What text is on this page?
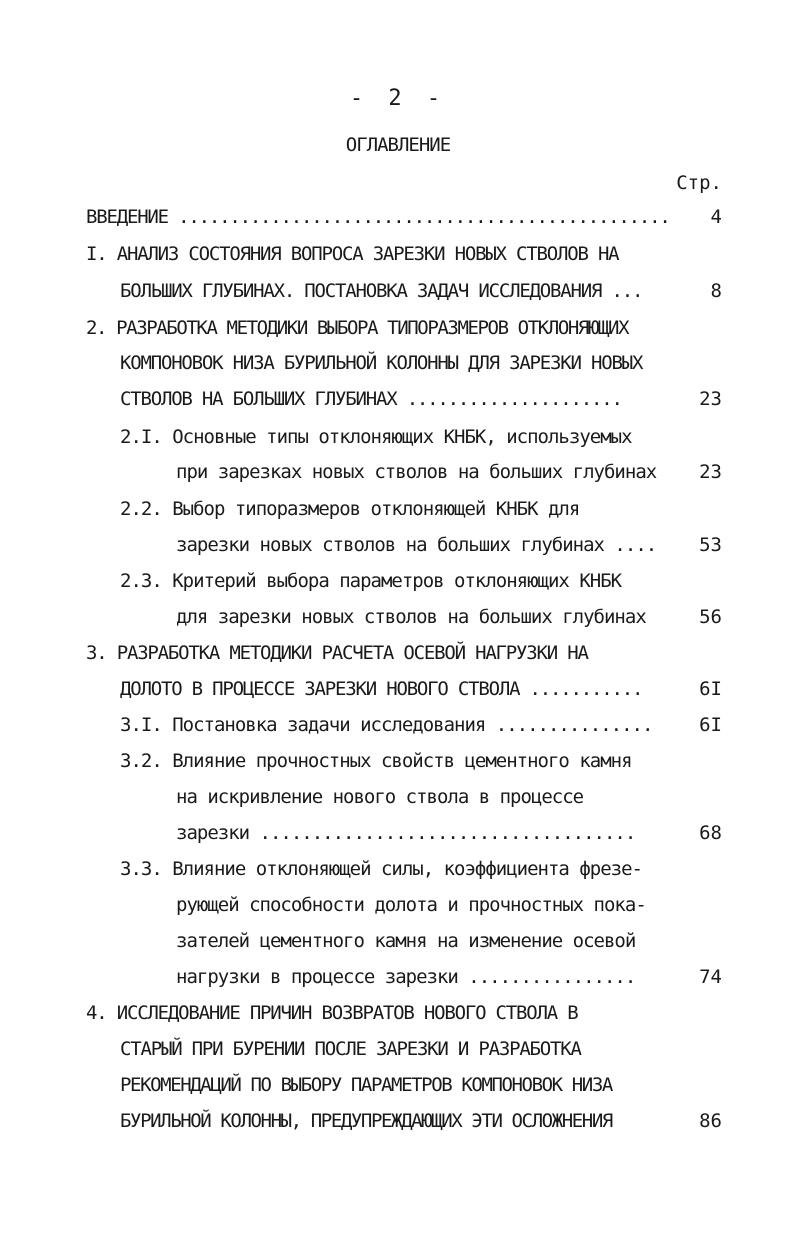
- 2 -
ОГЛАВЛЕНИЕ
Стр.
ВВЕДЕНИЕ ................................................ 4
I. АНАЛИЗ СОСТОЯНИЯ ВОПРОСА ЗАРЕЗКИ НОВЫХ СТВОЛОВ НА
БОЛЬШИХ ГЛУБИНАХ. ПОСТАНОВКА ЗАДАЧ ИССЛЕДОВАНИЯ ...	8
2. РАЗРАБОТКА МЕТОДИКИ ВЫБОРА ТИПОРАЗМЕРОВ ОТКЛОНЯЮЩИХ
КОМПОНОВОК НИЗА БУРИЛЬНОЙ КОЛОННЫ ДЛЯ ЗАРЕЗКИ НОВЫХ
СТВОЛОВ НА БОЛЬШИХ ГЛУБИНАХ .....................	23
2.I. Основные типы отклоняющих КНБК, используемых
при зарезках новых стволов на больших глубинах 23
2.2. Выбор типоразмеров отклоняющей КНБК для
зарезки новых стволов на больших глубинах .... 53
2.3. Критерий выбора параметров отклоняющих КНБК
для зарезки новых стволов на больших глубинах	56
3. РАЗРАБОТКА МЕТОДИКИ РАСЧЕТА ОСЕВОЙ НАГРУЗКИ НА
ДОЛОТО В ПРОЦЕССЕ ЗАРЕЗКИ НОВОГО СТВОЛА ...........	6I
3.I. Постановка задачи исследования ............... 6I
3.2. Влияние прочностных свойств цементного камня
на искривление нового ствола в процессе
зарезки ....................................	68
3.3. Влияние отклоняющей силы, коэффициента фрезе-
рующей способности долота и прочностных пока-
зателей цементного камня на изменение осевой
нагрузки в процессе зарезки ................	74
4. ИССЛЕДОВАНИЕ ПРИЧИН ВОЗВРАТОВ НОВОГО СТВОЛА В
СТАРЫЙ ПРИ БУРЕНИИ ПОСЛЕ ЗАРЕЗКИ И РАЗРАБОТКА
РЕКОМЕНДАЦИЙ ПО ВЫБОРУ ПАРАМЕТРОВ КОМПОНОВОК НИЗА
БУРИЛЬНОЙ КОЛОННЫ, ПРЕДУПРЕЖДАЮЩИХ ЭТИ ОСЛОЖНЕНИЯ	86
